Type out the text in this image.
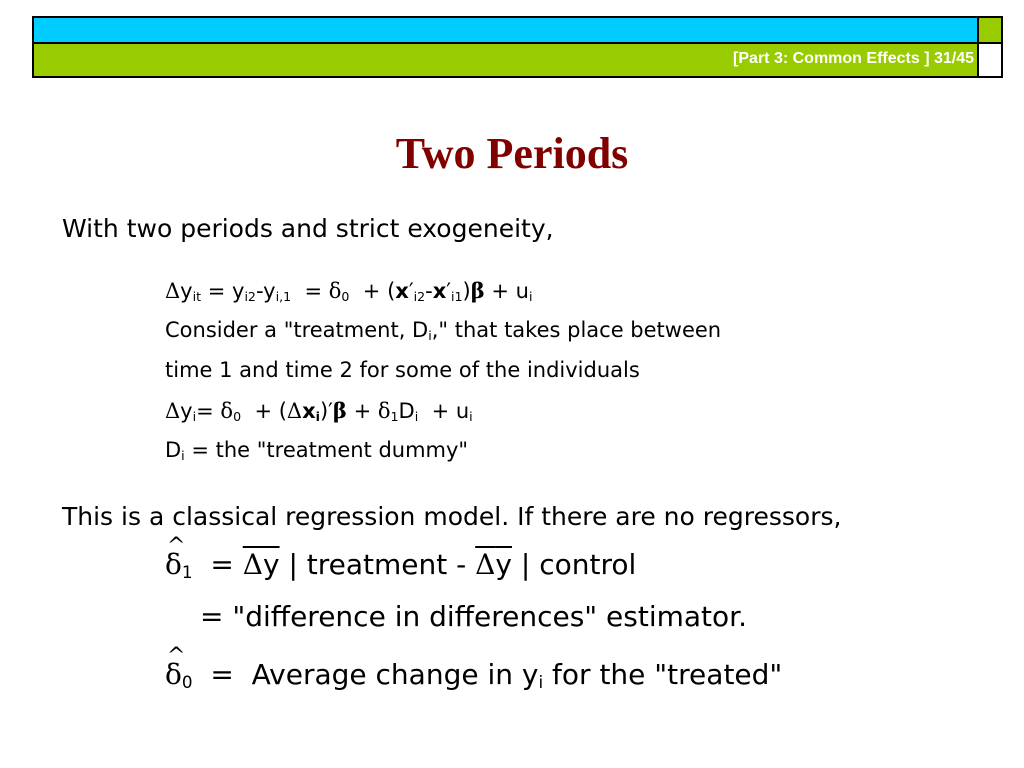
[Part 3: Common Effects ] 31/45
Two Periods
With two periods and strict exogeneity,
$\Delta y_{it} = y_{i2}-y_{i,1} = \delta_0 + (x'_{i2}-x'_{i1})\beta + u_i$
Consider a "treatment, $D_i$," that takes place between
time 1 and time 2 for some of the individuals
$\Delta y_i= \delta_0 + (\Delta x_i)'\beta + \delta_1D_i + u_i$
$D_i$ = the "treatment dummy"
This is a classical regression model. If there are no regressors,
^ $\delta_1 = \Delta y$ | treatment - Δy | control
= "difference in differences" estimator.
^ $\delta_0$ = Average change in $y_i$ for the "treated"
